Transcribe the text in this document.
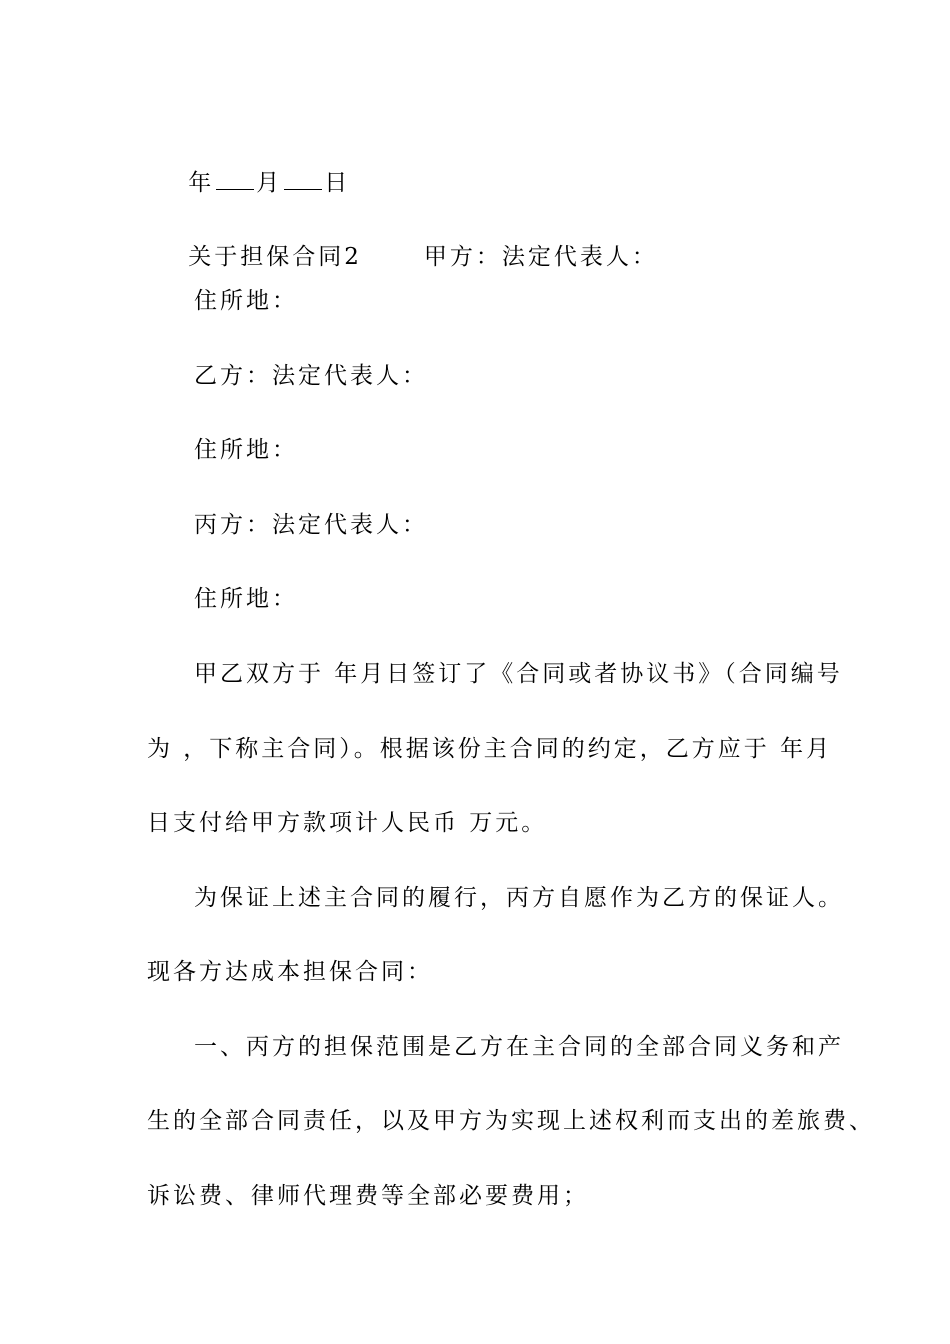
年 月 日

关于担保合同2	甲方：法定代表人：

住所地：
乙方：法定代表人：
住所地：
丙方：法定代表人：
住所地：
甲乙双方于 年月日签订了《合同或者协议书》（合同编号
为 ，下称主合同）。根据该份主合同的约定，乙方应于 年月
日支付给甲方款项计人民币 万元。
为保证上述主合同的履行，丙方自愿作为乙方的保证人。
现各方达成本担保合同：
一、丙方的担保范围是乙方在主合同的全部合同义务和产
生的全部合同责任，以及甲方为实现上述权利而支出的差旅费、
诉讼费、律师代理费等全部必要费用；
